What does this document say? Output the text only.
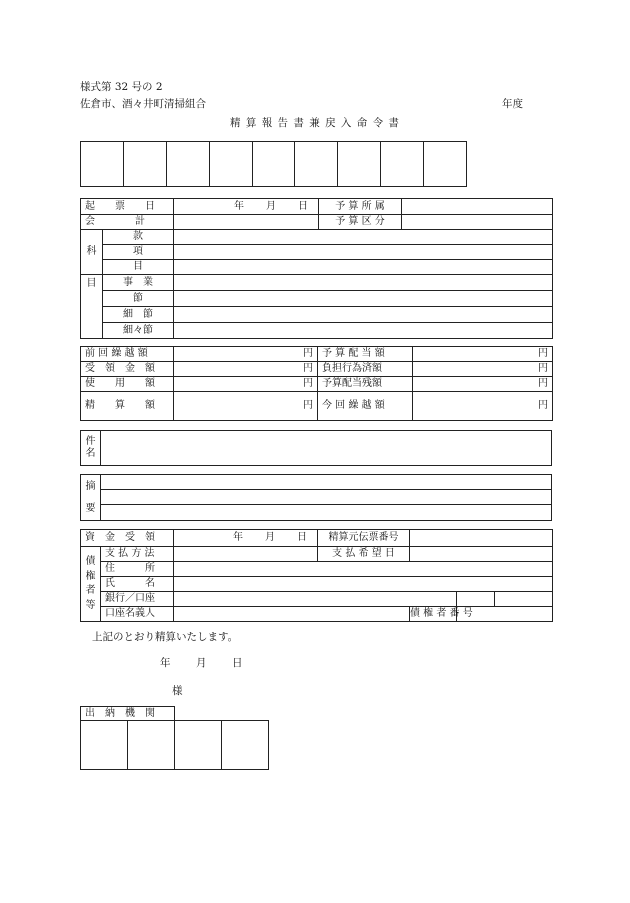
様式第 32 号の 2
佐倉市、酒々井町清掃組合	年度
精 算 報 告 書 兼 戻 入 命 令 書

起　　票　　日		年 月 日	予 算 所 属	
会　　　　計			予 算 区 分	
科	款			
	項			
	目			
目	事　業			
	節			
	細　節			
	細々節			
前 回 繰 越 額	円	予 算 配 当 額	円
受　領　金　額	円	負担行為済額	円
使　　用　　額	円	予算配当残額	円
精　　算　　額	円	今 回 繰 越 額	円
件
名

摘
要

資　金　受　領		年 月 日	精算元伝票番号			

債
権
者
等	支 払 方 法		支 払 希 望 日			
	住　　　所					
	氏　　　名					
	銀行／口座					
	口座名義人			債 権 者 番 号		
上記のとおり精算いたします。
年 月 日
様
出　納　機　関			
